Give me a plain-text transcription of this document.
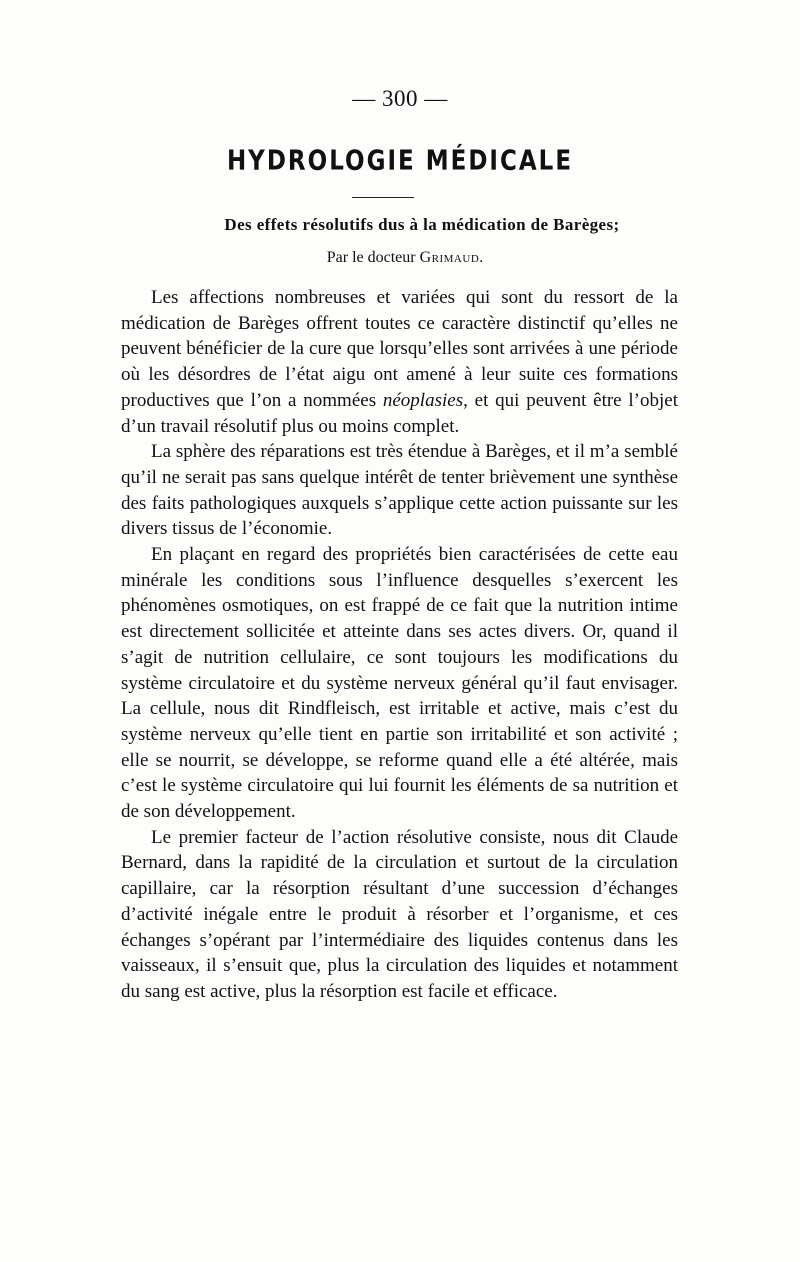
— 300 —
HYDROLOGIE MÉDICALE
Des effets résolutifs dus à la médication de Barèges;
Par le docteur Grimaud.

Les affections nombreuses et variées qui sont du ressort de la médication de Barèges offrent toutes ce caractère distinctif qu’elles ne peuvent bénéficier de la cure que lorsqu’elles sont arrivées à une période où les désordres de l’état aigu ont amené à leur suite ces formations productives que l’on a nommées néoplasies, et qui peuvent être l’objet d’un travail résolutif plus ou moins complet.

La sphère des réparations est très étendue à Barèges, et il m’a semblé qu’il ne serait pas sans quelque intérêt de tenter brièvement une synthèse des faits pathologiques auxquels s’applique cette action puissante sur les divers tissus de l’économie.

En plaçant en regard des propriétés bien caractérisées de cette eau minérale les conditions sous l’influence desquelles s’exercent les phénomènes osmotiques, on est frappé de ce fait que la nutrition intime est directement sollicitée et atteinte dans ses actes divers. Or, quand il s’agit de nutrition cellulaire, ce sont toujours les modifications du système circulatoire et du système nerveux général qu’il faut envisager. La cellule, nous dit Rindfleisch, est irritable et active, mais c’est du système nerveux qu’elle tient en partie son irritabilité et son activité ; elle se nourrit, se développe, se reforme quand elle a été altérée, mais c’est le système circulatoire qui lui fournit les éléments de sa nutrition et de son développement.

Le premier facteur de l’action résolutive consiste, nous dit Claude Bernard, dans la rapidité de la circulation et surtout de la circulation capillaire, car la résorption résultant d’une succession d’échanges d’activité inégale entre le produit à résorber et l’organisme, et ces échanges s’opérant par l’intermédiaire des liquides contenus dans les vaisseaux, il s’ensuit que, plus la circulation des liquides et notamment du sang est active, plus la résorption est facile et efficace.
